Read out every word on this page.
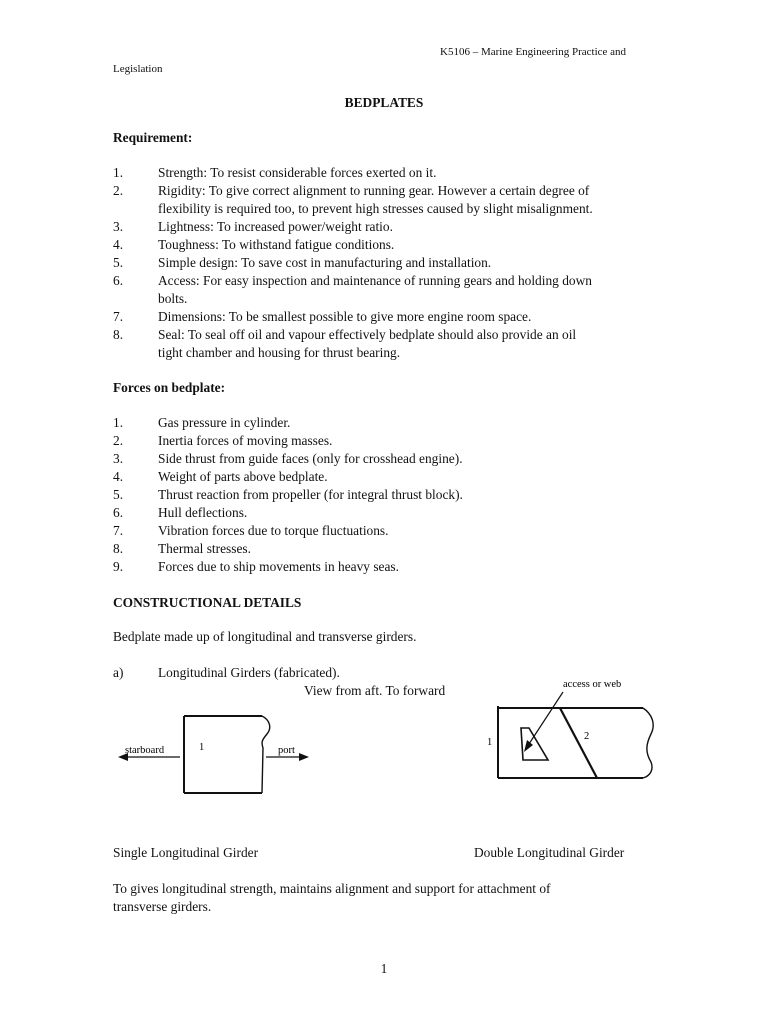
K5106 – Marine Engineering Practice and
Legislation
BEDPLATES
Requirement:
1.	Strength: To resist considerable forces exerted on it.
2.	Rigidity: To give correct alignment to running gear. However a certain degree of
flexibility is required too, to prevent high stresses caused by slight misalignment.
3.	Lightness: To increased power/weight ratio.
4.	Toughness: To withstand fatigue conditions.
5.	Simple design: To save cost in manufacturing and installation.
6.	Access: For easy inspection and maintenance of running gears and holding down
bolts.
7.	Dimensions: To be smallest possible to give more engine room space.
8.	Seal: To seal off oil and vapour effectively bedplate should also provide an oil
tight chamber and housing for thrust bearing.
Forces on bedplate:
1.	Gas pressure in cylinder.
2.	Inertia forces of moving masses.
3.	Side thrust from guide faces (only for crosshead engine).
4.	Weight of parts above bedplate.
5.	Thrust reaction from propeller (for integral thrust block).
6.	Hull deflections.
7.	Vibration forces due to torque fluctuations.
8.	Thermal stresses.
9.	Forces due to ship movements in heavy seas.
CONSTRUCTIONAL DETAILS
Bedplate made up of longitudinal and transverse girders.
a)	Longitudinal Girders (fabricated).
View from aft. To forward
starboard	port
1
access or web
1
2
Single Longitudinal Girder	Double Longitudinal Girder
To gives longitudinal strength, maintains alignment and support for attachment of
transverse girders.
1
